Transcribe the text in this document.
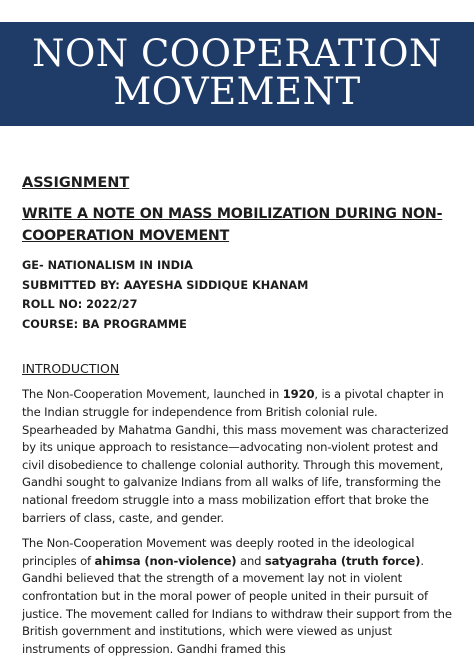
NON COOPERATION
MOVEMENT

ASSIGNMENT

WRITE A NOTE ON MASS MOBILIZATION DURING NON-COOPERATION MOVEMENT

GE- NATIONALISM IN INDIA
SUBMITTED BY: AAYESHA SIDDIQUE KHANAM
ROLL NO: 2022/27
COURSE: BA PROGRAMME
INTRODUCTION

The Non-Cooperation Movement, launched in 1920, is a pivotal chapter in the Indian struggle for independence from British colonial rule. Spearheaded by Mahatma Gandhi, this mass movement was characterized by its unique approach to resistance—advocating non-violent protest and civil disobedience to challenge colonial authority. Through this movement, Gandhi sought to galvanize Indians from all walks of life, transforming the national freedom struggle into a mass mobilization effort that broke the barriers of class, caste, and gender.

The Non-Cooperation Movement was deeply rooted in the ideological principles of ahimsa (non-violence) and satyagraha (truth force). Gandhi believed that the strength of a movement lay not in violent confrontation but in the moral power of people united in their pursuit of justice. The movement called for Indians to withdraw their support from the British government and institutions, which were viewed as unjust instruments of oppression. Gandhi framed this
